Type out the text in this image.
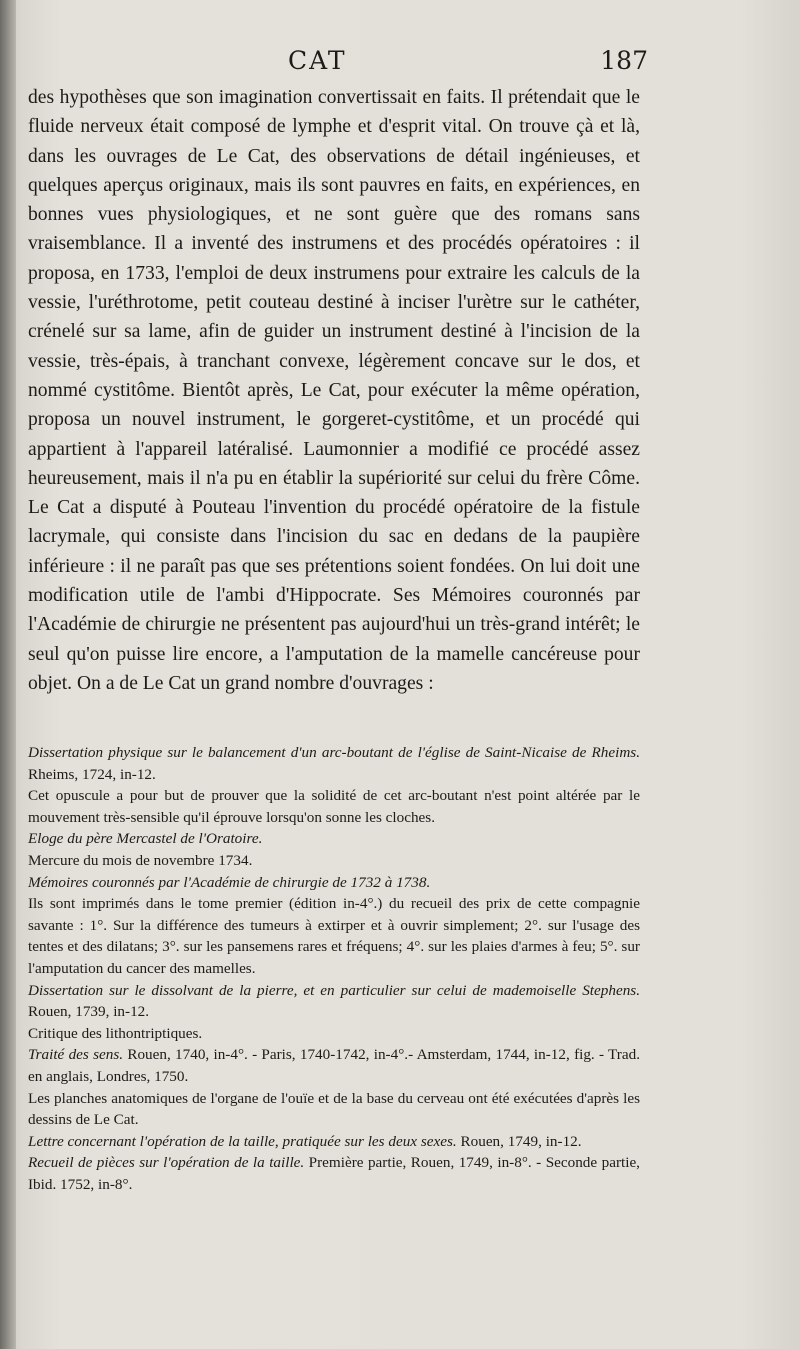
CAT	187

des hypothèses que son imagination convertissait en faits. Il prétendait que le fluide nerveux était composé de lymphe et d'esprit vital. On trouve çà et là, dans les ouvrages de Le Cat, des observations de détail ingénieuses, et quelques aperçus originaux, mais ils sont pauvres en faits, en expériences, en bonnes vues physiologiques, et ne sont guère que des romans sans vraisemblance. Il a inventé des instrumens et des procédés opératoires : il proposa, en 1733, l'emploi de deux instrumens pour extraire les calculs de la vessie, l'uréthrotome, petit couteau destiné à inciser l'urètre sur le cathéter, crénelé sur sa lame, afin de guider un instrument destiné à l'incision de la vessie, très-épais, à tranchant convexe, légèrement concave sur le dos, et nommé cystitôme. Bientôt après, Le Cat, pour exécuter la même opération, proposa un nouvel instrument, le gorgeret-cystitôme, et un procédé qui appartient à l'appareil latéralisé. Laumonnier a modifié ce procédé assez heureusement, mais il n'a pu en établir la supériorité sur celui du frère Côme. Le Cat a disputé à Pouteau l'invention du procédé opératoire de la fistule lacrymale, qui consiste dans l'incision du sac en dedans de la paupière inférieure : il ne paraît pas que ses prétentions soient fondées. On lui doit une modification utile de l'ambi d'Hippocrate. Ses Mémoires couronnés par l'Académie de chirurgie ne présentent pas aujourd'hui un très-grand intérêt; le seul qu'on puisse lire encore, a l'amputation de la mamelle cancéreuse pour objet. On a de Le Cat un grand nombre d'ouvrages :

Dissertation physique sur le balancement d'un arc-boutant de l'église de Saint-Nicaise de Rheims. Rheims, 1724, in-12.

Cet opuscule a pour but de prouver que la solidité de cet arc-boutant n'est point altérée par le mouvement très-sensible qu'il éprouve lorsqu'on sonne les cloches.

Eloge du père Mercastel de l'Oratoire.

Mercure du mois de novembre 1734.

Mémoires couronnés par l'Académie de chirurgie de 1732 à 1738.

Ils sont imprimés dans le tome premier (édition in-4°.) du recueil des prix de cette compagnie savante : 1°. Sur la différence des tumeurs à extirper et à ouvrir simplement; 2°. sur l'usage des tentes et des dilatans; 3°. sur les pansemens rares et fréquens; 4°. sur les plaies d'armes à feu; 5°. sur l'amputation du cancer des mamelles.

Dissertation sur le dissolvant de la pierre, et en particulier sur celui de mademoiselle Stephens. Rouen, 1739, in-12.

Critique des lithontriptiques.

Traité des sens. Rouen, 1740, in-4°. - Paris, 1740-1742, in-4°.- Amsterdam, 1744, in-12, fig. - Trad. en anglais, Londres, 1750.

Les planches anatomiques de l'organe de l'ouïe et de la base du cerveau ont été exécutées d'après les dessins de Le Cat.

Lettre concernant l'opération de la taille, pratiquée sur les deux sexes. Rouen, 1749, in-12.

Recueil de pièces sur l'opération de la taille. Première partie, Rouen, 1749, in-8°. - Seconde partie, Ibid. 1752, in-8°.
